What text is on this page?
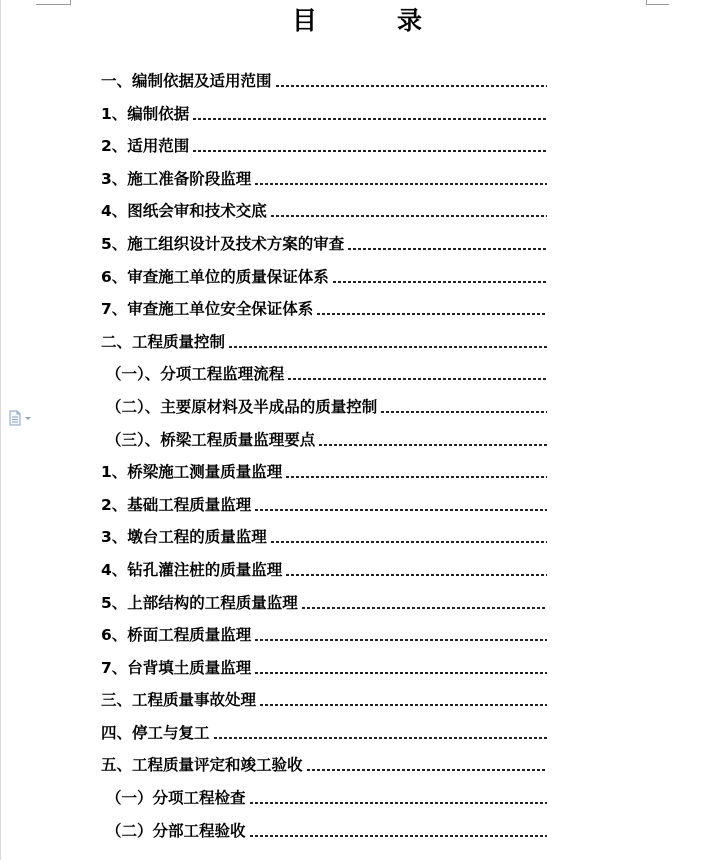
目录
一、编制依据及适用范围
1、编制依据
2、适用范围
3、施工准备阶段监理
4、图纸会审和技术交底
5、施工组织设计及技术方案的审查
6、审查施工单位的质量保证体系
7、审查施工单位安全保证体系
二、工程质量控制
（一）、分项工程监理流程
（二）、主要原材料及半成品的质量控制
（三）、桥梁工程质量监理要点
1、桥梁施工测量质量监理
2、基础工程质量监理
3、墩台工程的质量监理
4、钻孔灌注桩的质量监理
5、上部结构的工程质量监理
6、桥面工程质量监理
7、台背填土质量监理
三、工程质量事故处理
四、停工与复工
五、工程质量评定和竣工验收
（一）分项工程检查
（二）分部工程验收
